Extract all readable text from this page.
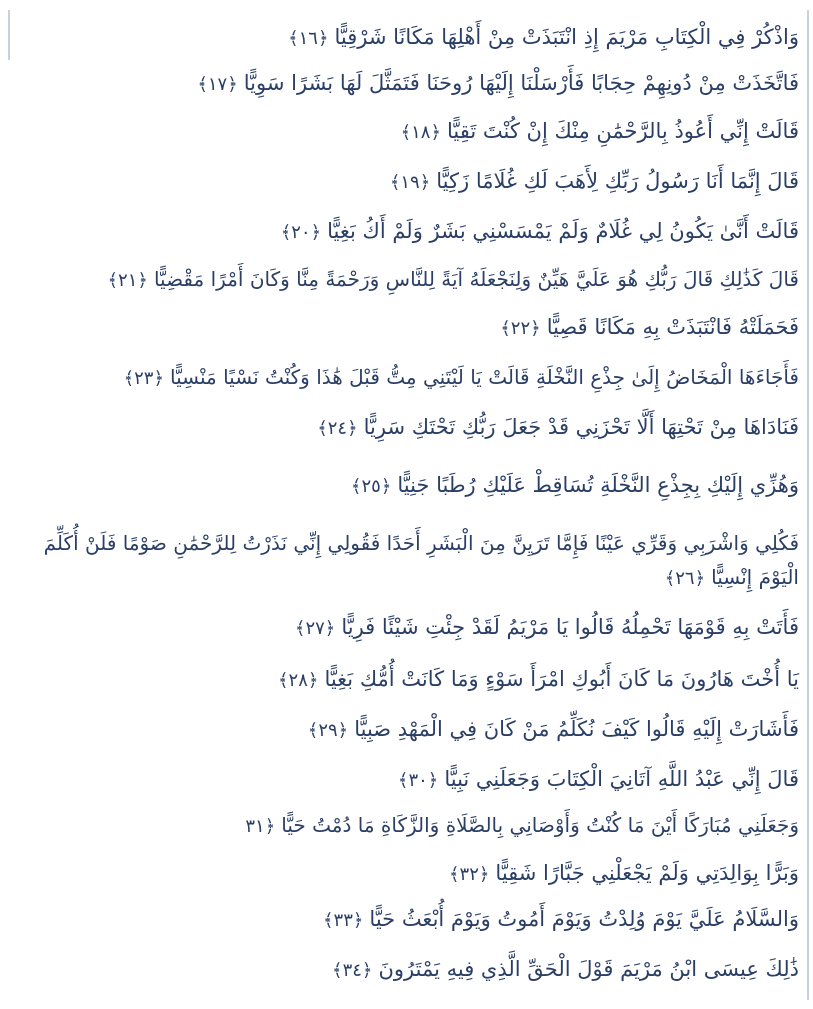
وَاذْكُرْ فِي الْكِتَابِ مَرْيَمَ إِذِ انْتَبَذَتْ مِنْ أَهْلِهَا مَكَانًا شَرْقِيًّا﴿١٦﴾
فَاتَّخَذَتْ مِنْ دُونِهِمْ حِجَابًا فَأَرْسَلْنَا إِلَيْهَا رُوحَنَا فَتَمَثَّلَ لَهَا بَشَرًا سَوِيًّا﴿١٧﴾
قَالَتْ إِنِّي أَعُوذُ بِالرَّحْمَٰنِ مِنْكَ إِنْ كُنْتَ تَقِيًّا﴿١٨﴾
قَالَ إِنَّمَا أَنَا رَسُولُ رَبِّكِ لِأَهَبَ لَكِ غُلَامًا زَكِيًّا﴿١٩﴾
قَالَتْ أَنَّىٰ يَكُونُ لِي غُلَامٌ وَلَمْ يَمْسَسْنِي بَشَرٌ وَلَمْ أَكُ بَغِيًّا﴿٢٠﴾
قَالَ كَذَٰلِكِ قَالَ رَبُّكِ هُوَ عَلَيَّ هَيِّنٌ وَلِنَجْعَلَهُ آيَةً لِلنَّاسِ وَرَحْمَةً مِنَّا وَكَانَ أَمْرًا مَقْضِيًّا﴿٢١﴾
فَحَمَلَتْهُ فَانْتَبَذَتْ بِهِ مَكَانًا قَصِيًّا﴿٢٢﴾
فَأَجَاءَهَا الْمَخَاضُ إِلَىٰ جِذْعِ النَّخْلَةِ قَالَتْ يَا لَيْتَنِي مِتُّ قَبْلَ هَٰذَا وَكُنْتُ نَسْيًا مَنْسِيًّا﴿٢٣﴾
فَنَادَاهَا مِنْ تَحْتِهَا أَلَّا تَحْزَنِي قَدْ جَعَلَ رَبُّكِ تَحْتَكِ سَرِيًّا﴿٢٤﴾
وَهُزِّي إِلَيْكِ بِجِذْعِ النَّخْلَةِ تُسَاقِطْ عَلَيْكِ رُطَبًا جَنِيًّا﴿٢٥﴾
فَكُلِي وَاشْرَبِي وَقَرِّي عَيْنًا فَإِمَّا تَرَيِنَّ مِنَ الْبَشَرِ أَحَدًا فَقُولِي إِنِّي نَذَرْتُ لِلرَّحْمَٰنِ صَوْمًا فَلَنْ أُكَلِّمَ الْيَوْمَ إِنْسِيًّا﴿٢٦﴾
فَأَتَتْ بِهِ قَوْمَهَا تَحْمِلُهُ قَالُوا يَا مَرْيَمُ لَقَدْ جِئْتِ شَيْئًا فَرِيًّا﴿٢٧﴾
يَا أُخْتَ هَارُونَ مَا كَانَ أَبُوكِ امْرَأَ سَوْءٍ وَمَا كَانَتْ أُمُّكِ بَغِيًّا﴿٢٨﴾
فَأَشَارَتْ إِلَيْهِ قَالُوا كَيْفَ نُكَلِّمُ مَنْ كَانَ فِي الْمَهْدِ صَبِيًّا﴿٢٩﴾
قَالَ إِنِّي عَبْدُ اللَّهِ آتَانِيَ الْكِتَابَ وَجَعَلَنِي نَبِيًّا﴿٣٠﴾
وَجَعَلَنِي مُبَارَكًا أَيْنَ مَا كُنْتُ وَأَوْصَانِي بِالصَّلَاةِ وَالزَّكَاةِ مَا دُمْتُ حَيًّا﴿٣١
وَبَرًّا بِوَالِدَتِي وَلَمْ يَجْعَلْنِي جَبَّارًا شَقِيًّا﴿٣٢﴾
وَالسَّلَامُ عَلَيَّ يَوْمَ وُلِدْتُ وَيَوْمَ أَمُوتُ وَيَوْمَ أُبْعَثُ حَيًّا﴿٣٣﴾
ذَٰلِكَ عِيسَى ابْنُ مَرْيَمَ قَوْلَ الْحَقِّ الَّذِي فِيهِ يَمْتَرُونَ﴿٣٤﴾
